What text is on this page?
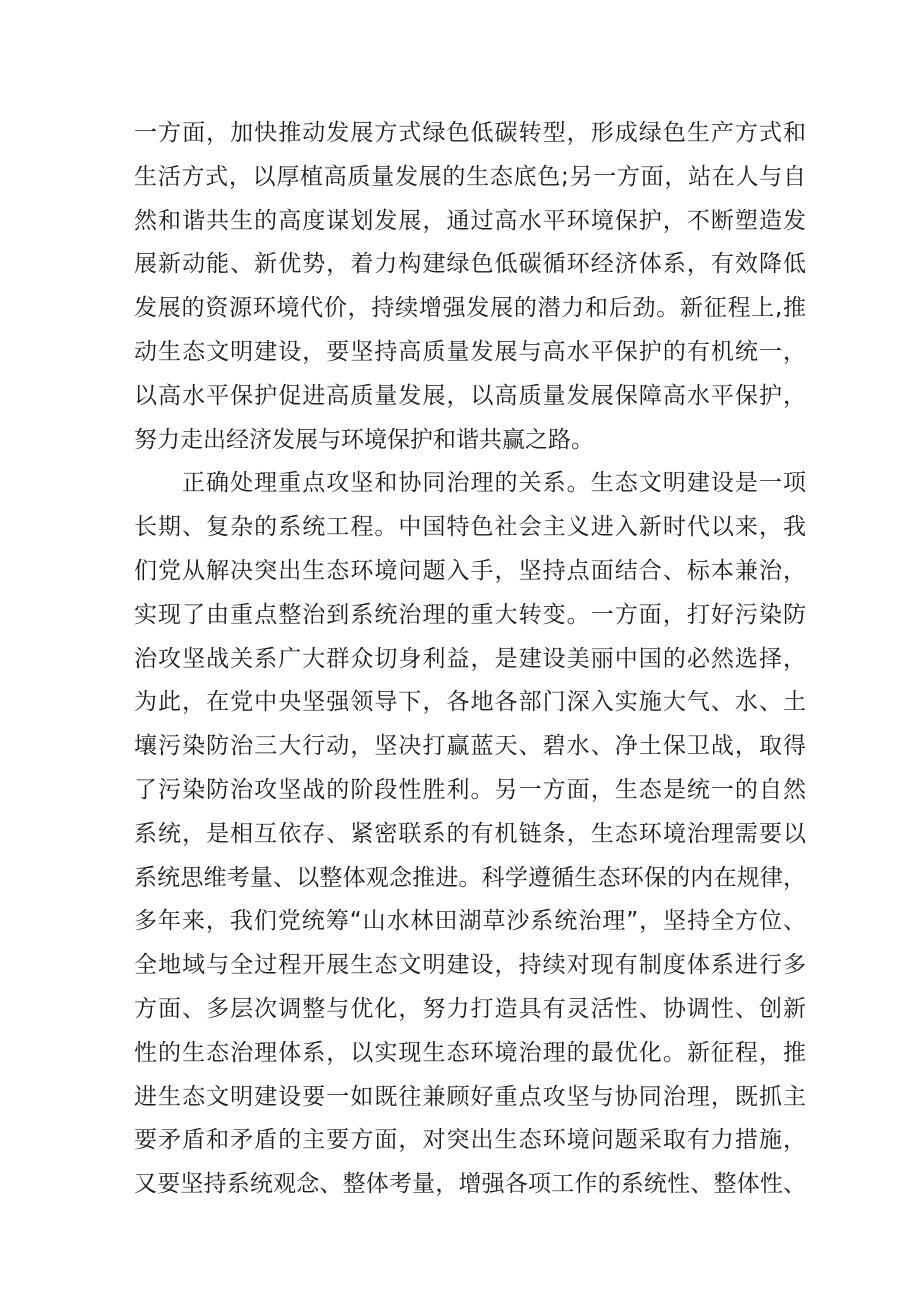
一方面，加快推动发展方式绿色低碳转型，形成绿色生产方式和
生活方式，以厚植高质量发展的生态底色;另一方面，站在人与自
然和谐共生的高度谋划发展，通过高水平环境保护，不断塑造发
展新动能、新优势，着力构建绿色低碳循环经济体系，有效降低
发展的资源环境代价，持续增强发展的潜力和后劲。新征程上,推
动生态文明建设，要坚持高质量发展与高水平保护的有机统一，
以高水平保护促进高质量发展，以高质量发展保障高水平保护，
努力走出经济发展与环境保护和谐共赢之路。
正确处理重点攻坚和协同治理的关系。生态文明建设是一项
长期、复杂的系统工程。中国特色社会主义进入新时代以来，我
们党从解决突出生态环境问题入手，坚持点面结合、标本兼治，
实现了由重点整治到系统治理的重大转变。一方面，打好污染防
治攻坚战关系广大群众切身利益，是建设美丽中国的必然选择，
为此，在党中央坚强领导下，各地各部门深入实施大气、水、土
壤污染防治三大行动，坚决打赢蓝天、碧水、净土保卫战，取得
了污染防治攻坚战的阶段性胜利。另一方面，生态是统一的自然
系统，是相互依存、紧密联系的有机链条，生态环境治理需要以
系统思维考量、以整体观念推进。科学遵循生态环保的内在规律，
多年来，我们党统筹“山水林田湖草沙系统治理”，坚持全方位、
全地域与全过程开展生态文明建设，持续对现有制度体系进行多
方面、多层次调整与优化，努力打造具有灵活性、协调性、创新
性的生态治理体系，以实现生态环境治理的最优化。新征程，推
进生态文明建设要一如既往兼顾好重点攻坚与协同治理，既抓主
要矛盾和矛盾的主要方面，对突出生态环境问题采取有力措施，
又要坚持系统观念、整体考量，增强各项工作的系统性、整体性、
